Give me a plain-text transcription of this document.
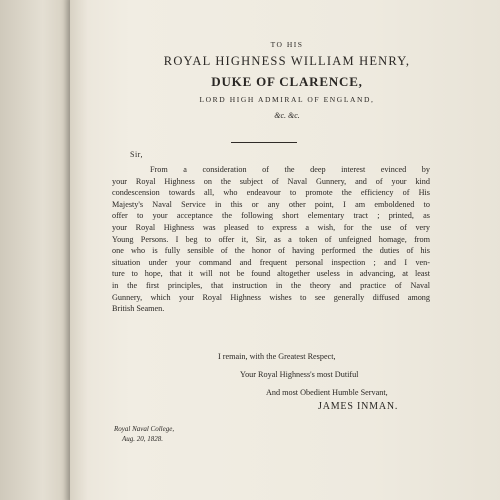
TO HIS
ROYAL HIGHNESS WILLIAM HENRY,
DUKE OF CLARENCE,
LORD HIGH ADMIRAL OF ENGLAND,
&c. &c.
Sir,
From a consideration of the deep interest evinced by
your Royal Highness on the subject of Naval Gunnery, and of your kind
condescension towards all, who endeavour to promote the efficiency of His
Majesty's Naval Service in this or any other point, I am emboldened to
offer to your acceptance the following short elementary tract ; printed, as
your Royal Highness was pleased to express a wish, for the use of very
Young Persons. I beg to offer it, Sir, as a token of unfeigned homage, from
one who is fully sensible of the honor of having performed the duties of his
situation under your command and frequent personal inspection ; and I ven-
ture to hope, that it will not be found altogether useless in advancing, at least
in the first principles, that instruction in the theory and practice of Naval
Gunnery, which your Royal Highness wishes to see generally diffused among
British Seamen.
I remain, with the Greatest Respect,
Your Royal Highness's most Dutiful
And most Obedient Humble Servant,
JAMES INMAN.
Royal Naval College,
Aug. 20, 1828.
